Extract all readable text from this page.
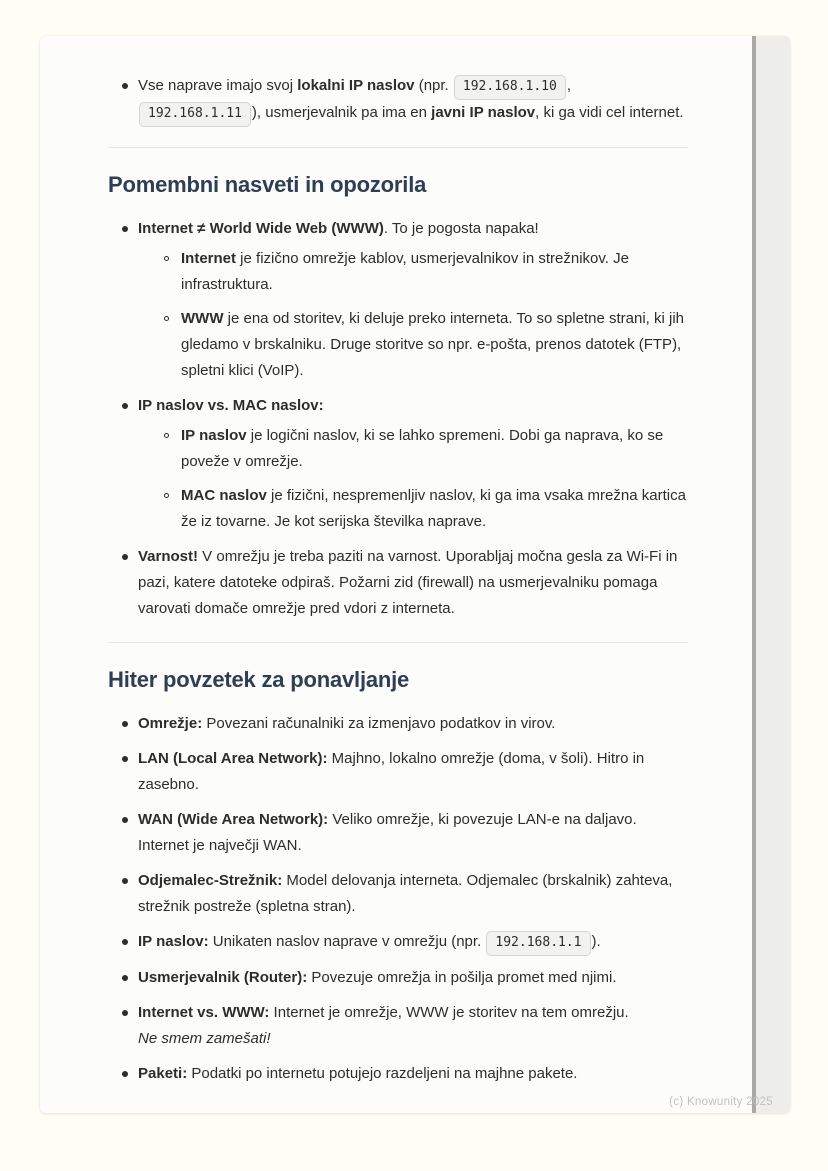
Vse naprave imajo svoj lokalni IP naslov (npr. 192.168.1.10 ,
192.168.1.11 ), usmerjevalnik pa ima en javni IP naslov, ki ga vidi cel internet.
Pomembni nasveti in opozorila
Internet ≠ World Wide Web (WWW). To je pogosta napaka!
Internet je fizično omrežje kablov, usmerjevalnikov in strežnikov. Je infrastruktura.
WWW je ena od storitev, ki deluje preko interneta. To so spletne strani, ki jih gledamo v brskalniku. Druge storitve so npr. e-pošta, prenos datotek (FTP), spletni klici (VoIP).
IP naslov vs. MAC naslov:
IP naslov je logični naslov, ki se lahko spremeni. Dobi ga naprava, ko se poveže v omrežje.
MAC naslov je fizični, nespremenljiv naslov, ki ga ima vsaka mrežna kartica že iz tovarne. Je kot serijska številka naprave.
Varnost! V omrežju je treba paziti na varnost. Uporabljaj močna gesla za Wi-Fi in pazi, katere datoteke odpiraš. Požarni zid (firewall) na usmerjevalniku pomaga varovati domače omrežje pred vdori z interneta.
Hiter povzetek za ponavljanje
Omrežje: Povezani računalniki za izmenjavo podatkov in virov.
LAN (Local Area Network): Majhno, lokalno omrežje (doma, v šoli). Hitro in zasebno.
WAN (Wide Area Network): Veliko omrežje, ki povezuje LAN-e na daljavo. Internet je največji WAN.
Odjemalec-Strežnik: Model delovanja interneta. Odjemalec (brskalnik) zahteva, strežnik postreže (spletna stran).
IP naslov: Unikaten naslov naprave v omrežju (npr. 192.168.1.1 ).
Usmerjevalnik (Router): Povezuje omrežja in pošilja promet med njimi.
Internet vs. WWW: Internet je omrežje, WWW je storitev na tem omrežju.
Ne smem zamešati!
Paketi: Podatki po internetu potujejo razdeljeni na majhne pakete.
(c) Knowunity 2025
